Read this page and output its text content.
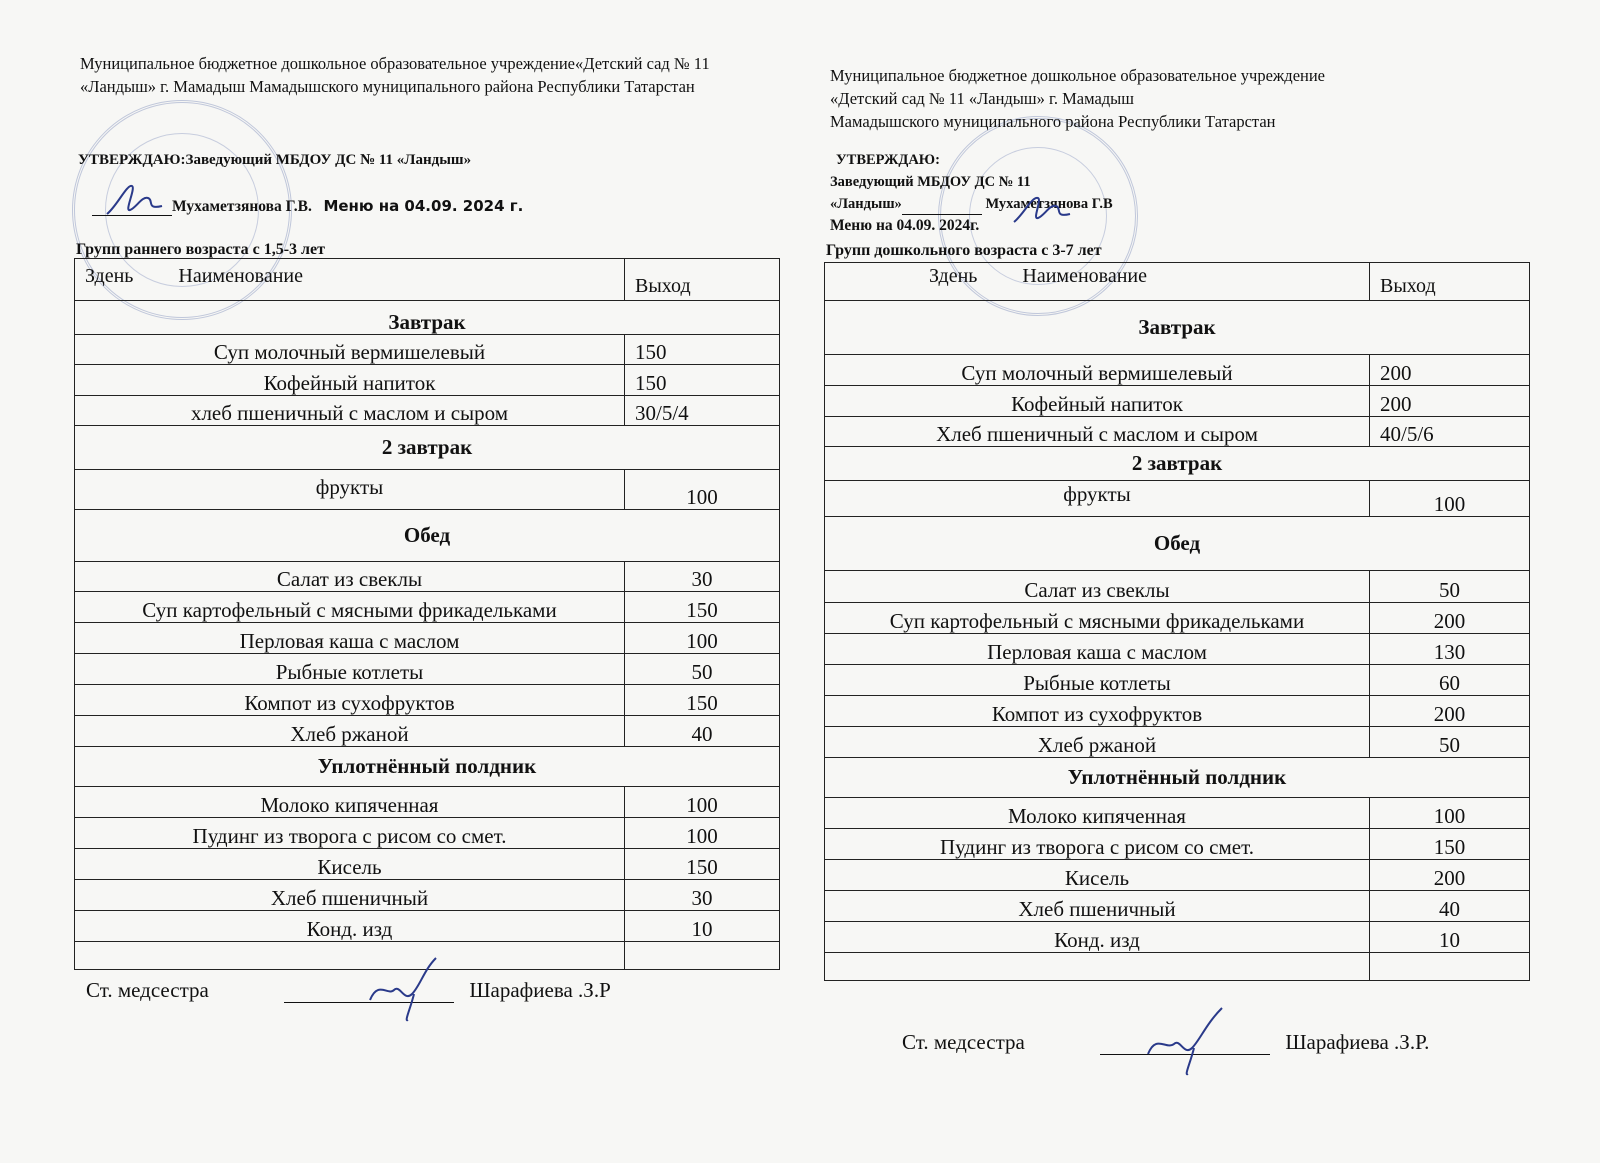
Муниципальное бюджетное дошкольное образовательное учреждение«Детский сад № 11 «Ландыш» г. Мамадыш Мамадышского муниципального района Республики Татарстан
УТВЕРЖДАЮ:Заведующий МБДОУ ДС № 11 «Ландыш»
Мухаметзянова Г.В. Меню на 04.09. 2024 г.
Групп раннего возраста с 1,5-3 лет
Здень Наименование	Выход
Завтрак	
Суп молочный вермишелевый	150
Кофейный напиток	150
хлеб пшеничный с маслом и сыром	30/5/4
2 завтрак	
фрукты	100
Обед	
Салат из свеклы	30
Суп картофельный с мясными фрикадельками	150
Перловая каша с маслом	100
Рыбные котлеты	50
Компот из сухофруктов	150
Хлеб ржаной	40
Уплотнённый полдник	
Молоко кипяченная	100
Пудинг из творога с рисом со смет.	100
Кисель	150
Хлеб пшеничный	30
Конд. изд	10

Ст. медсестра	Шарафиева .З.Р
Муниципальное бюджетное дошкольное образовательное учреждение
«Детский сад № 11 «Ландыш» г. Мамадыш
Мамадышского муниципального района Республики Татарстан
УТВЕРЖДАЮ:
Заведующий МБДОУ ДС № 11
«Ландыш»	Мухаметзянова Г.В
Меню на 04.09. 2024г.
Групп дошкольного возраста с 3-7 лет
Здень Наименование	Выход
Завтрак	
Суп молочный вермишелевый	200
Кофейный напиток	200
Хлеб пшеничный с маслом и сыром	40/5/6
2 завтрак	
фрукты	100
Обед	
Салат из свеклы	50
Суп картофельный с мясными фрикадельками	200
Перловая каша с маслом	130
Рыбные котлеты	60
Компот из сухофруктов	200
Хлеб ржаной	50
Уплотнённый полдник	
Молоко кипяченная	100
Пудинг из творога с рисом со смет.	150
Кисель	200
Хлеб пшеничный	40
Конд. изд	10

Ст. медсестра	Шарафиева .З.Р.
